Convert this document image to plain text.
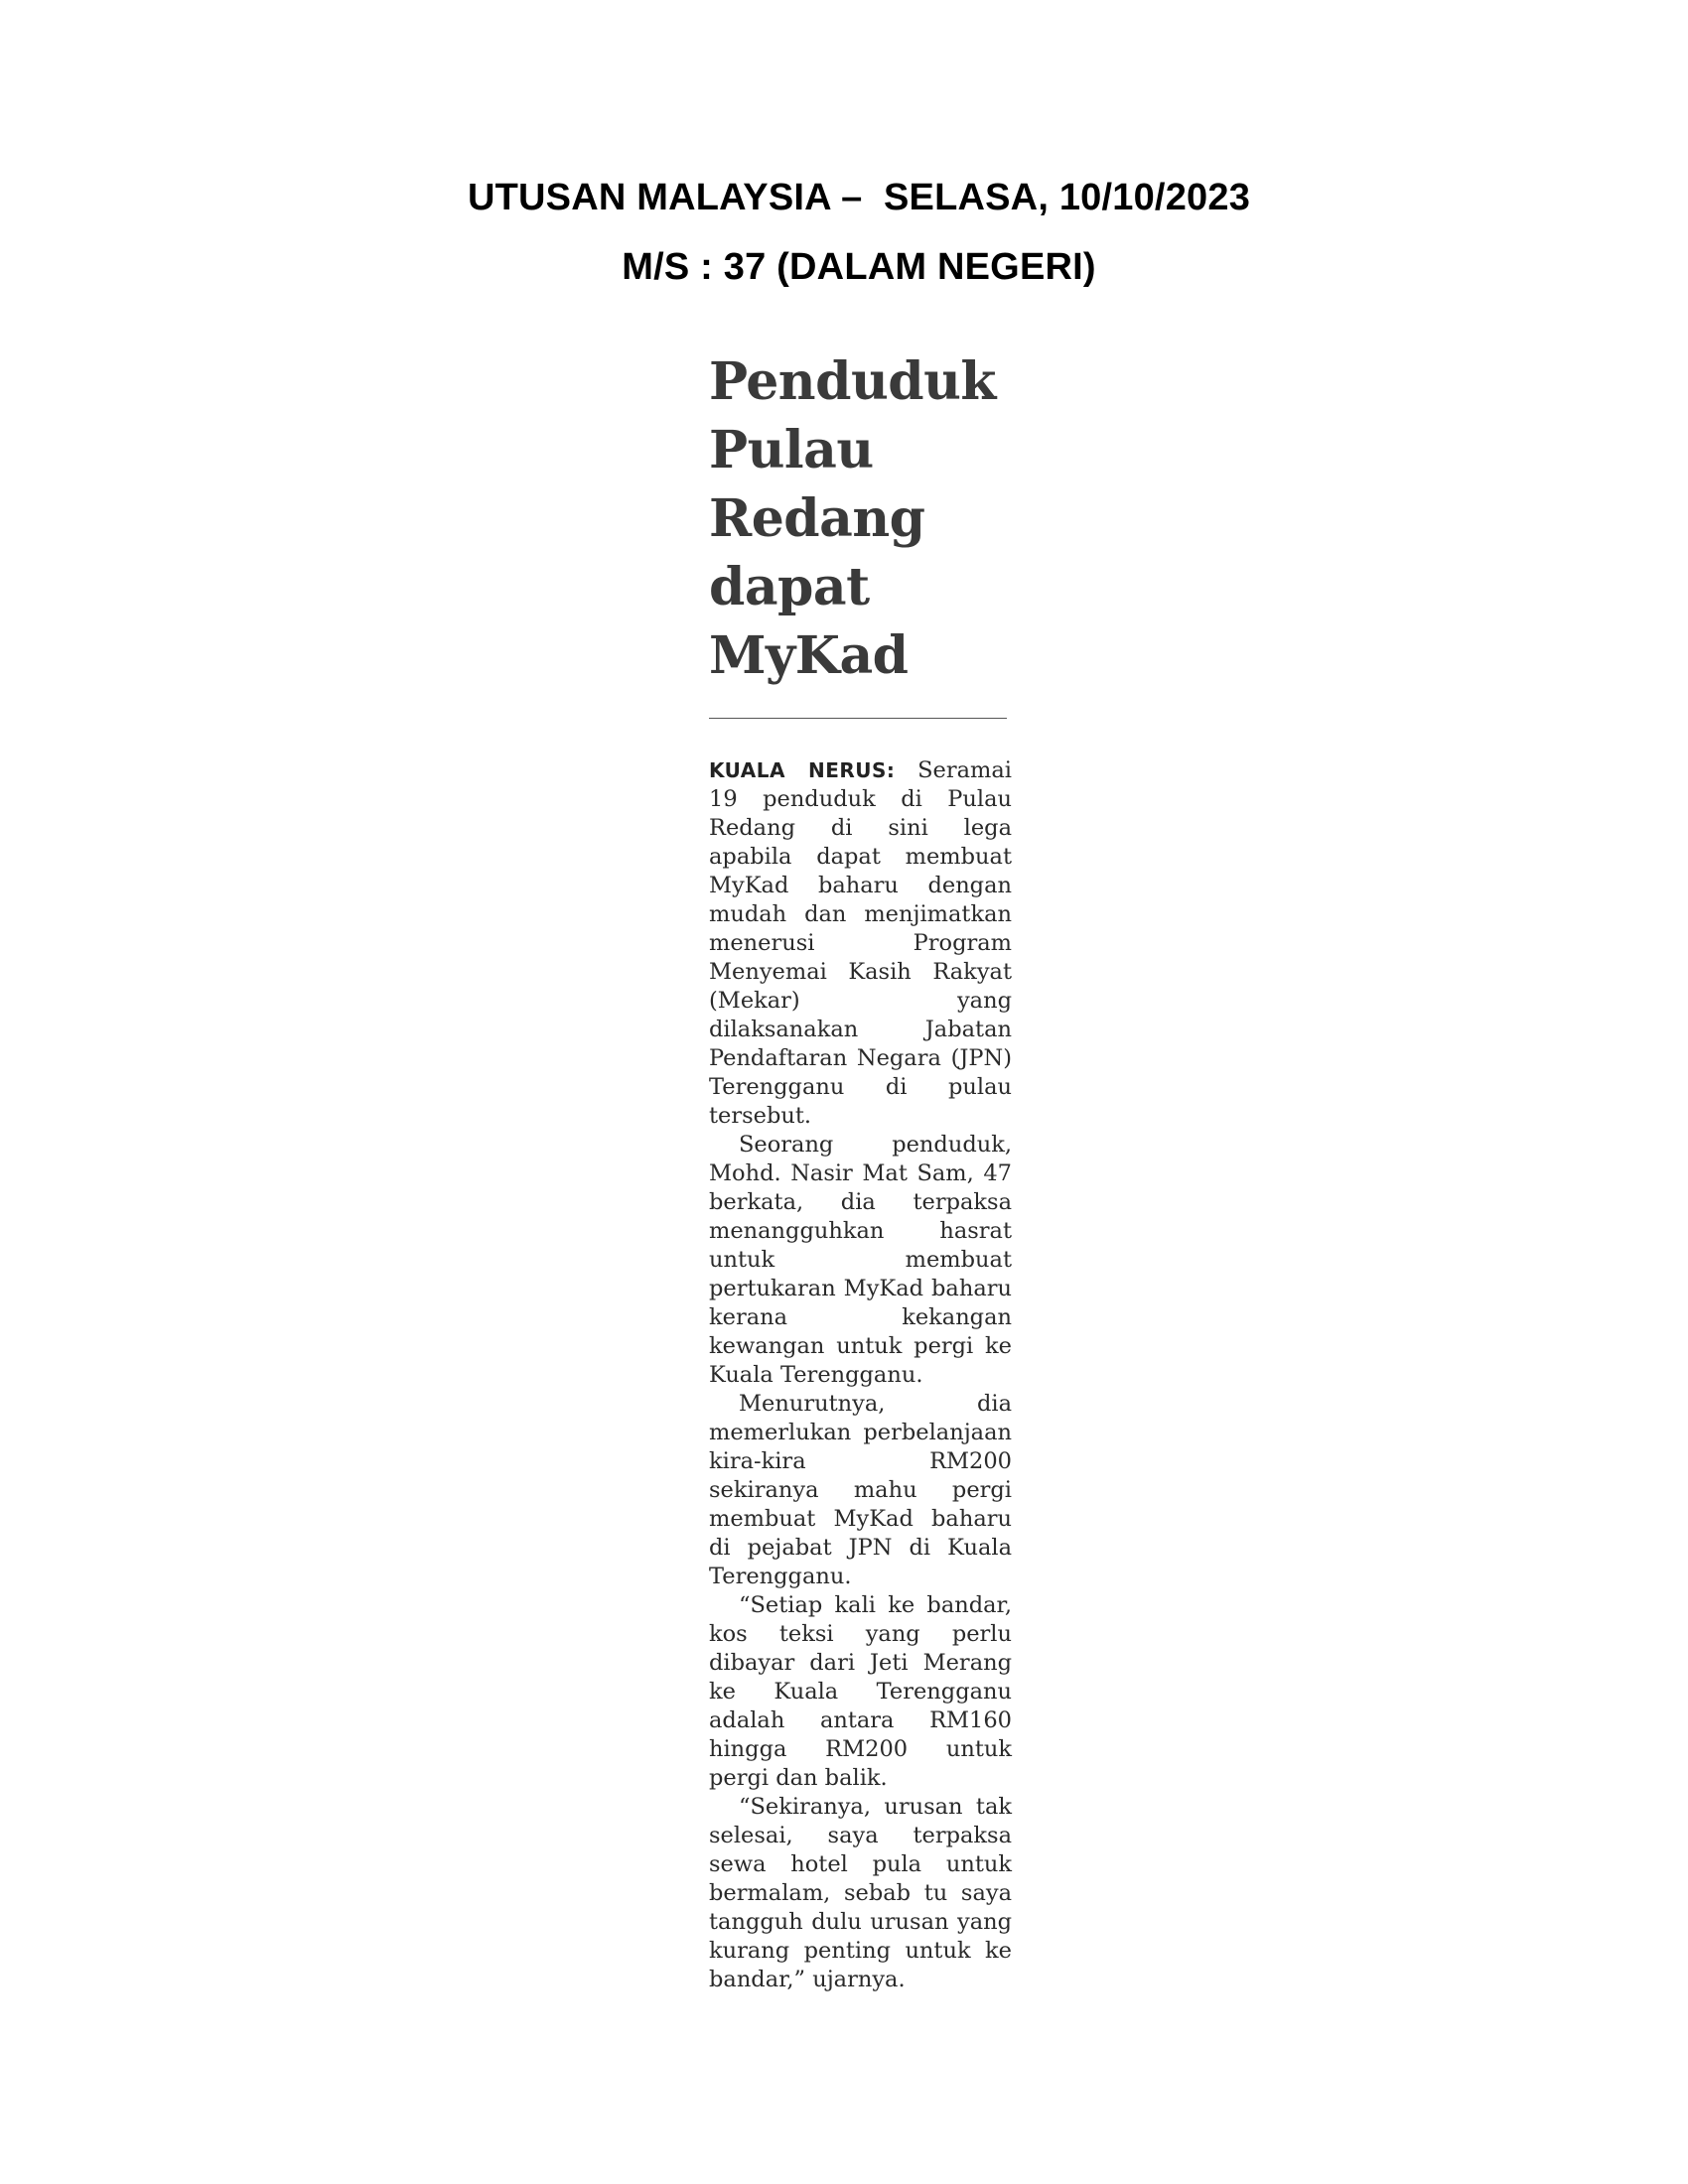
UTUSAN MALAYSIA –  SELASA, 10/10/2023
M/S : 37 (DALAM NEGERI)
Penduduk
Pulau
Redang
dapat
MyKad

KUALA NERUS: Seramai 19 penduduk di Pulau Redang di sini lega apabila dapat membuat MyKad baharu dengan mudah dan menjimatkan menerusi Program Menyemai Kasih Rakyat (Mekar) yang dilaksanakan Jabatan Pendaftaran Negara (JPN) Terengganu di pulau tersebut.

Seorang penduduk, Mohd. Nasir Mat Sam, 47 berkata, dia terpaksa menangguhkan hasrat untuk membuat pertukaran MyKad baharu kerana kekangan kewangan untuk pergi ke Kuala Terengganu.

Menurutnya, dia memerlukan perbelanjaan kira-kira RM200 sekiranya mahu pergi membuat MyKad baharu di pejabat JPN di Kuala Terengganu.

“Setiap kali ke bandar, kos teksi yang perlu dibayar dari Jeti Merang ke Kuala Terengganu adalah antara RM160 hingga RM200 untuk pergi dan balik.

“Sekiranya, urusan tak selesai, saya terpaksa sewa hotel pula untuk bermalam, sebab tu saya tangguh dulu urusan yang kurang penting untuk ke bandar,” ujarnya.
